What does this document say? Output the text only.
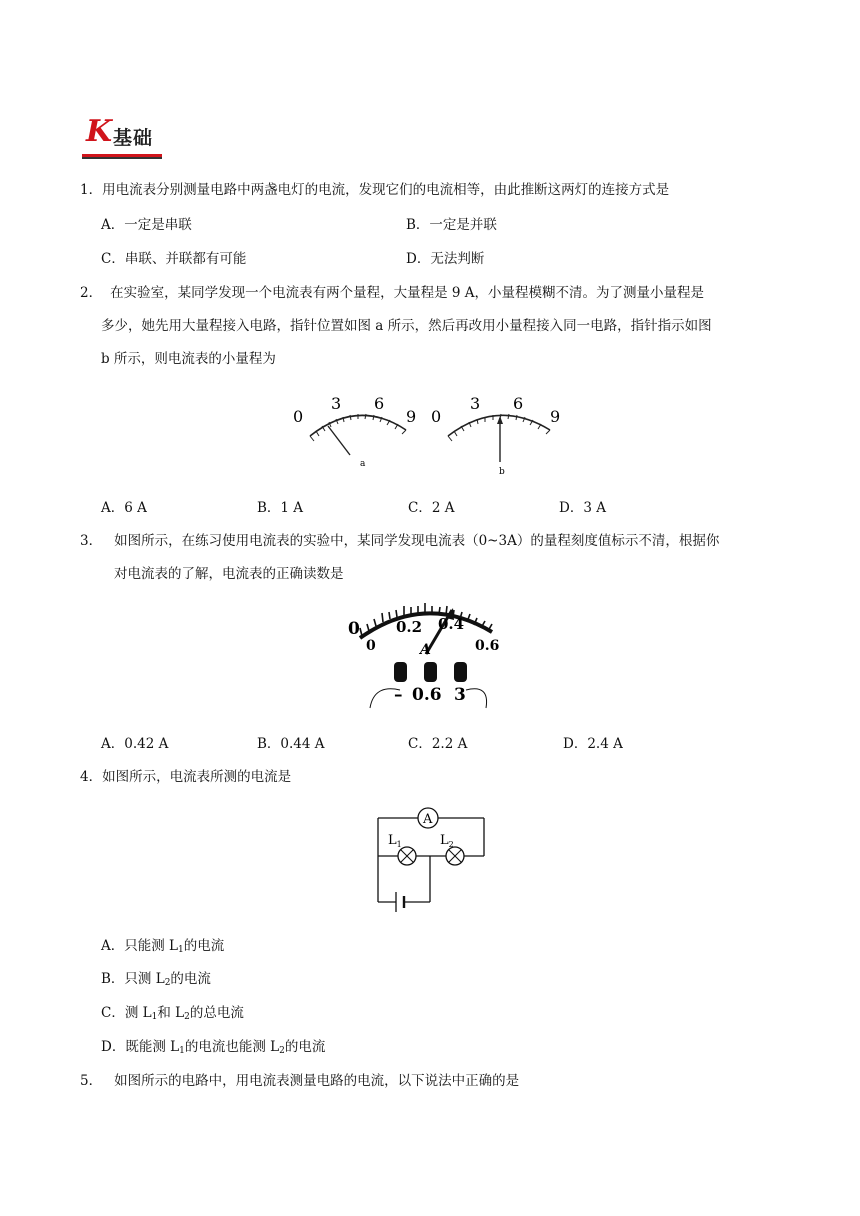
K 基础
1．用电流表分别测量电路中两盏电灯的电流，发现它们的电流相等，由此推断这两灯的连接方式是
A．一定是串联	B．一定是并联
C．串联、并联都有可能	D．无法判断
2． 在实验室，某同学发现一个电流表有两个量程，大量程是 9 A，小量程模糊不清。为了测量小量程是
多少，她先用大量程接入电路，指针位置如图 a 所示，然后再改用小量程接入同一电路，指针指示如图
b 所示，则电流表的小量程为
0
3 6
9
a
0
3 6
9
b
A．6 A	B．1 A	C．2 A	D．3 A
3． 如图所示，在练习使用电流表的实验中，某同学发现电流表（0~3A）的量程刻度值标示不清，根据你
对电流表的了解，电流表的正确读数是
0 0.2 0.4
0	0.6
A
– 0.6 3
A．0.42 A	B．0.44 A	C．2.2 A	D．2.4 A
4．如图所示，电流表所测的电流是
A
$L_1$	$L_2$
A．只能测 $L_1$的电流
B．只测 $L_2$的电流
C．测 $L_1$和 $L_2$的总电流
D．既能测 $L_1$的电流也能测 $L_2$的电流
5． 如图所示的电路中，用电流表测量电路的电流，以下说法中正确的是
